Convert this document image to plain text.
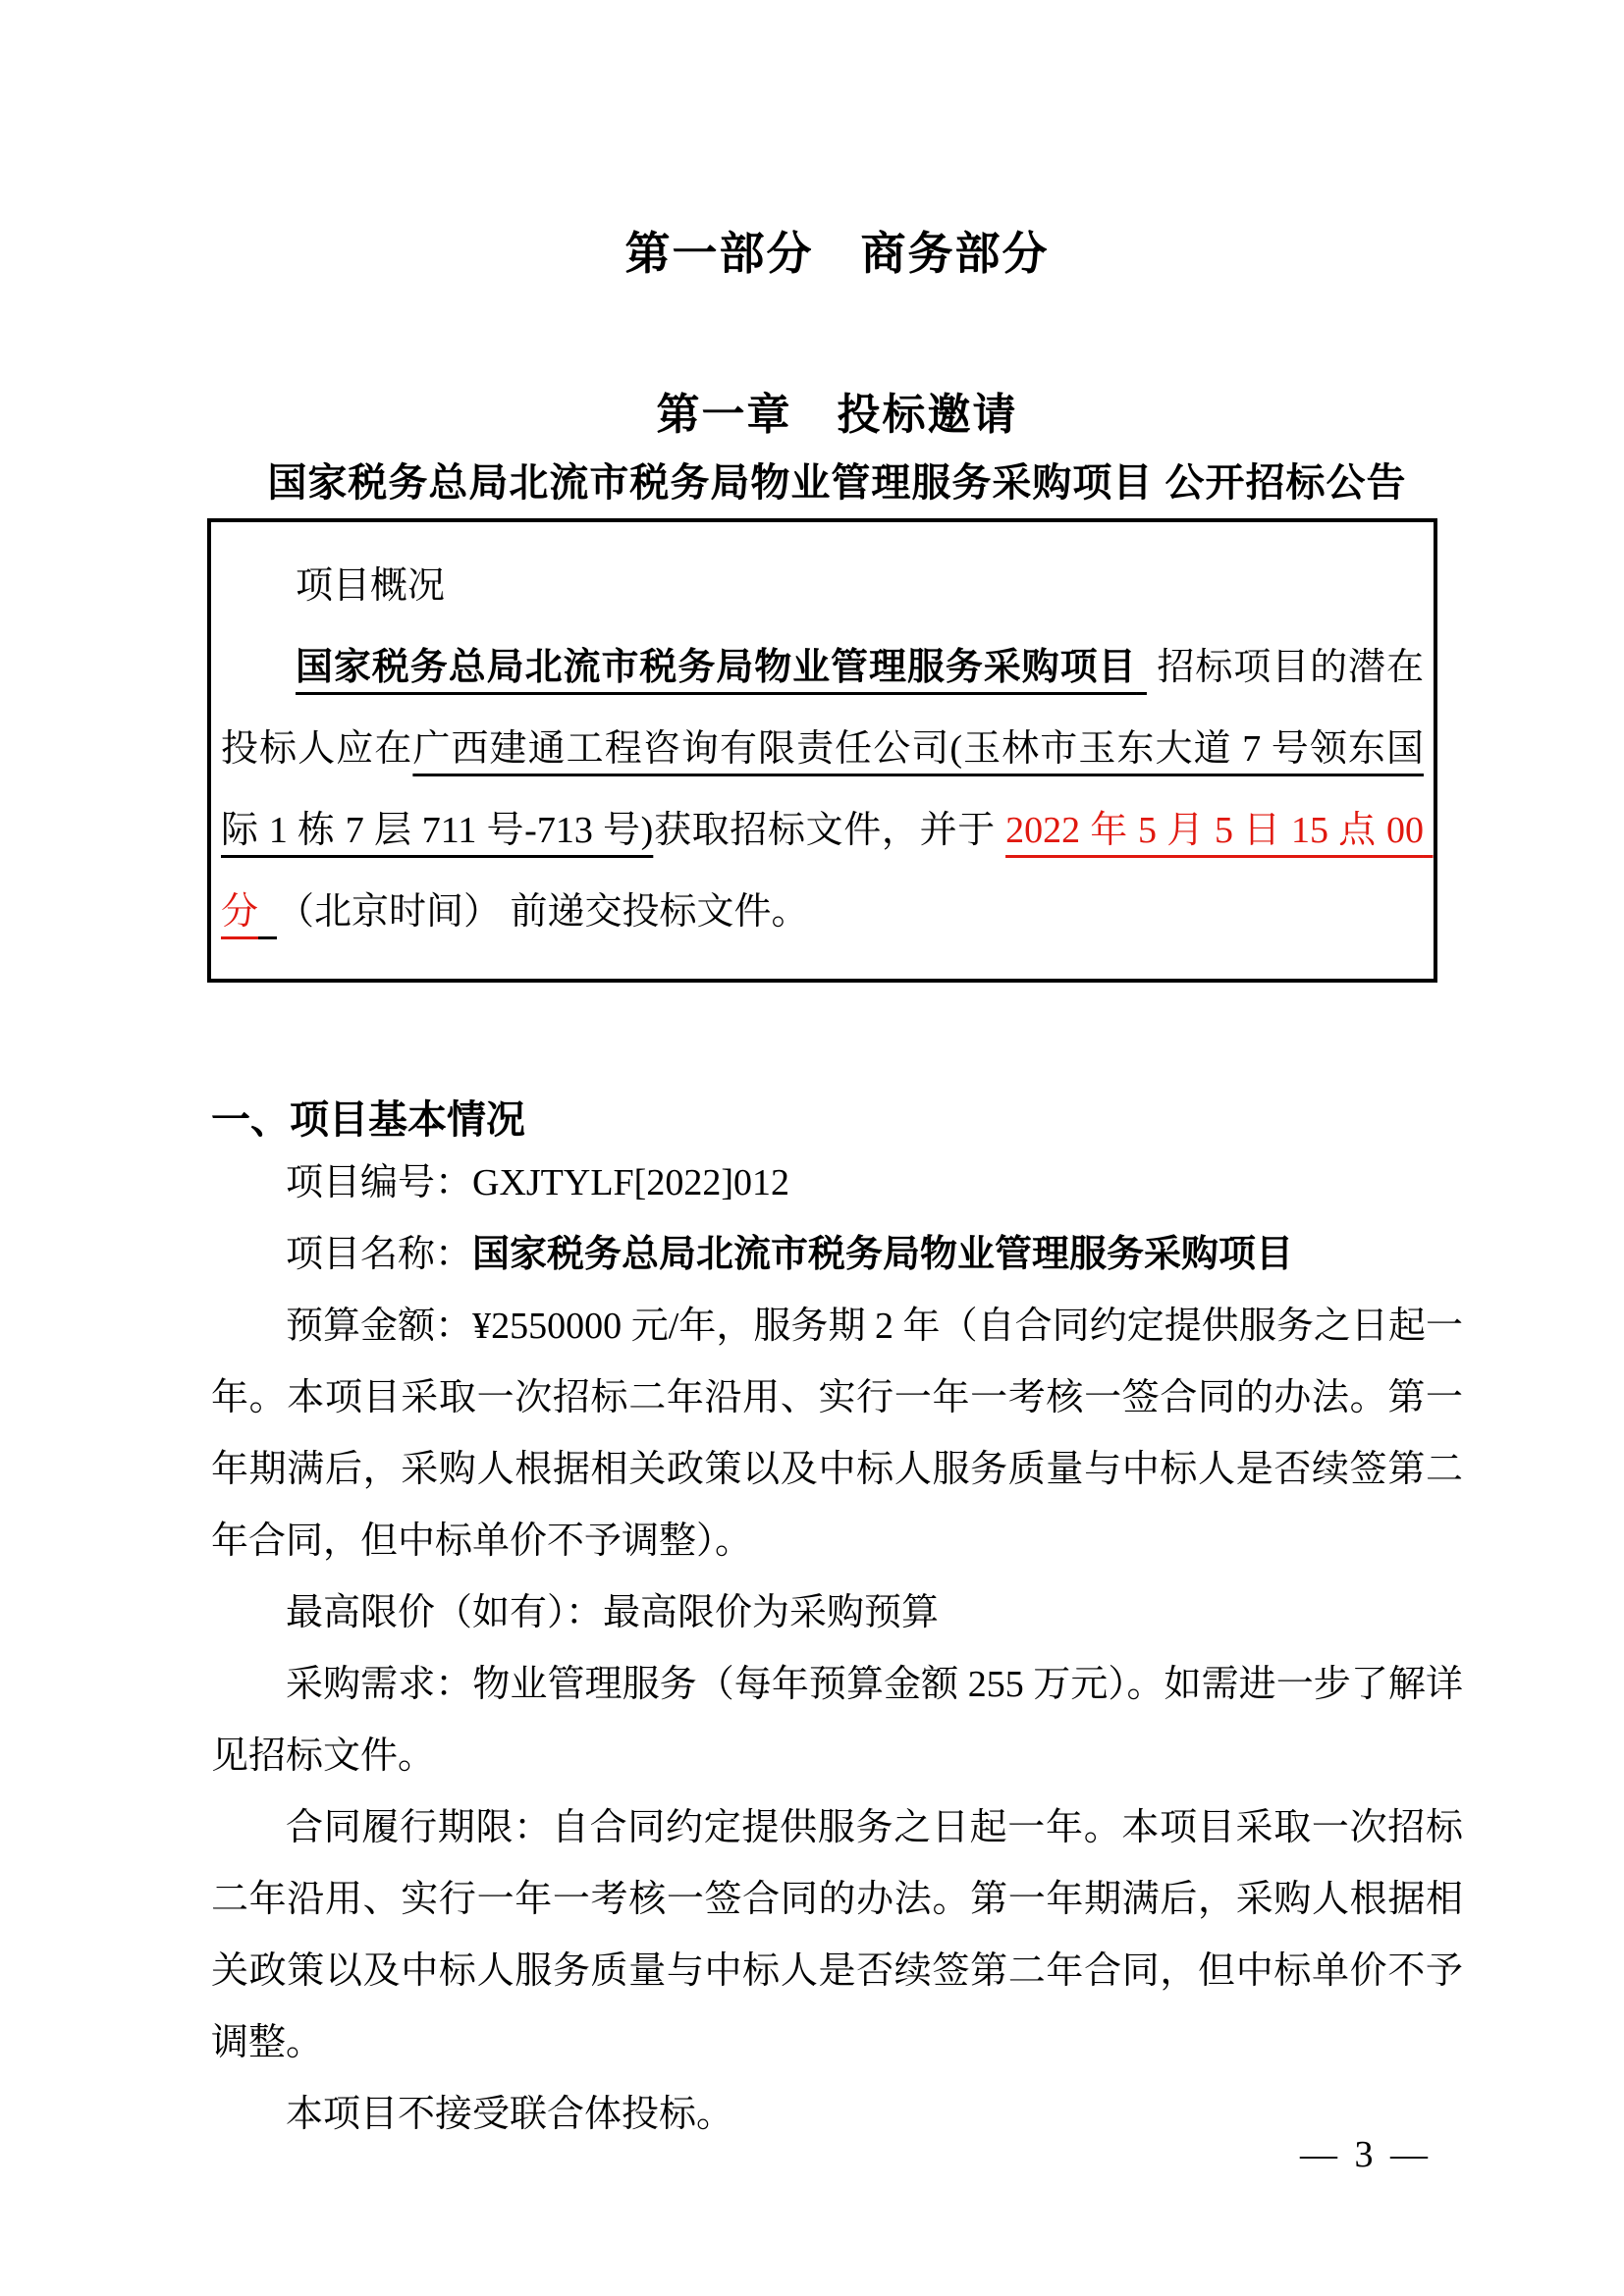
第一部分　商务部分
第一章　投标邀请
国家税务总局北流市税务局物业管理服务采购项目 公开招标公告

项目概况

国家税务总局北流市税务局物业管理服务采购项目  招标项目的潜在投标人应在广西建通工程咨询有限责任公司(玉林市玉东大道 7 号领东国际 1 栋 7 层 711 号-713 号)获取招标文件，并于 2022 年 5 月 5 日 15 点 00 分 （北京时间） 前递交投标文件。

一、项目基本情况

项目编号：GXJTYLF[2022]012

项目名称：国家税务总局北流市税务局物业管理服务采购项目

预算金额：¥2550000 元/年，服务期 2 年（自合同约定提供服务之日起一年。本项目采取一次招标二年沿用、实行一年一考核一签合同的办法。第一年期满后，采购人根据相关政策以及中标人服务质量与中标人是否续签第二年合同，但中标单价不予调整）。

最高限价（如有）：最高限价为采购预算

采购需求：物业管理服务（每年预算金额 255 万元）。如需进一步了解详见招标文件。

合同履行期限：自合同约定提供服务之日起一年。本项目采取一次招标二年沿用、实行一年一考核一签合同的办法。第一年期满后，采购人根据相关政策以及中标人服务质量与中标人是否续签第二年合同，但中标单价不予调整。

本项目不接受联合体投标。

— 3 —
